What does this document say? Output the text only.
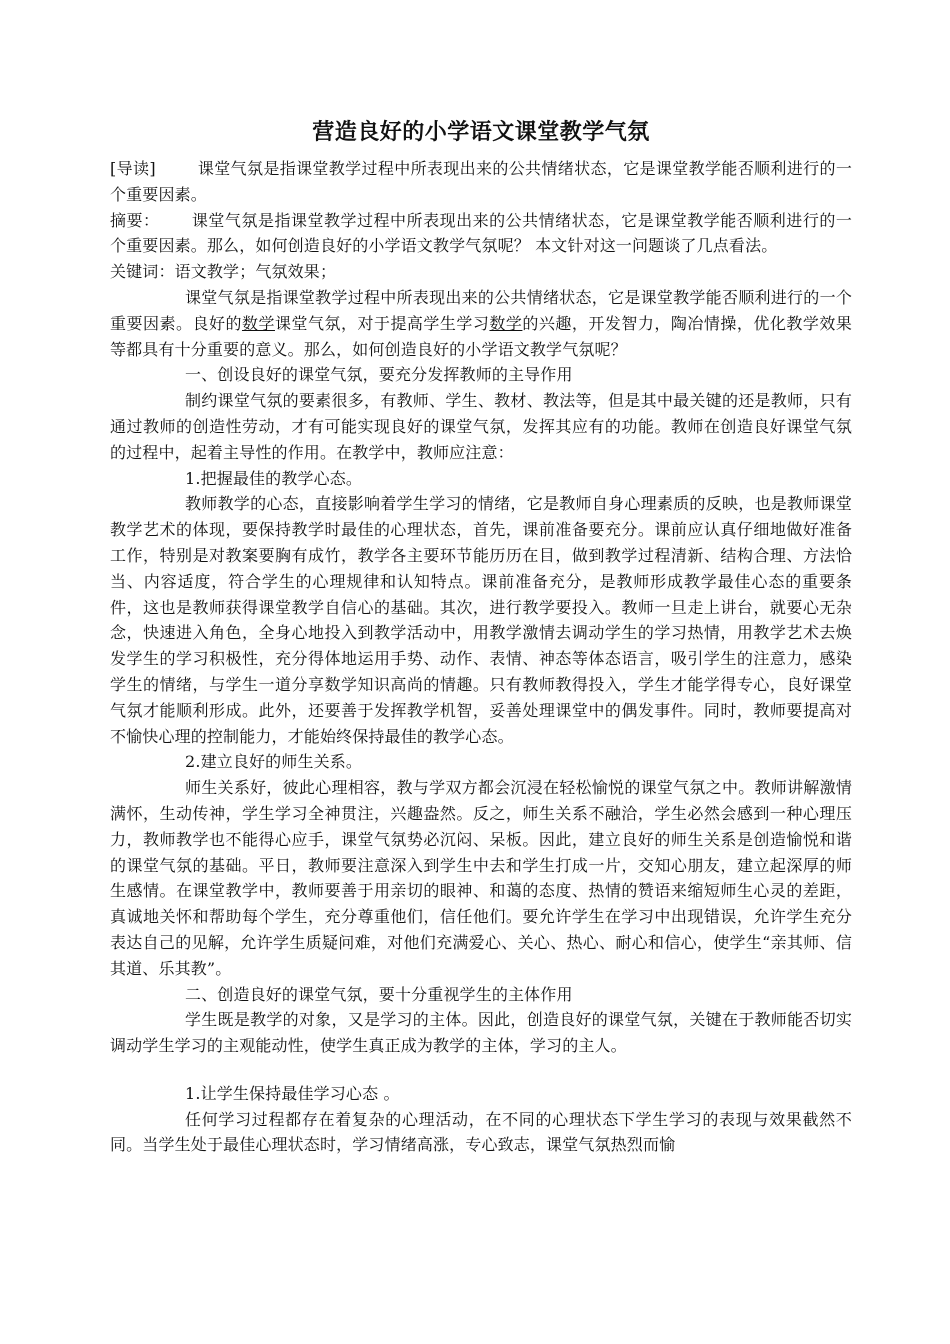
营造良好的小学语文课堂教学气氛

[导读]	课堂气氛是指课堂教学过程中所表现出来的公共情绪状态，它是课堂教学能否顺利进行的一个重要因素。

摘要： 课堂气氛是指课堂教学过程中所表现出来的公共情绪状态，它是课堂教学能否顺利进行的一个重要因素。那么，如何创造良好的小学语文教学气氛呢？ 本文针对这一问题谈了几点看法。

关键词：语文教学；气氛效果；

课堂气氛是指课堂教学过程中所表现出来的公共情绪状态，它是课堂教学能否顺利进行的一个重要因素。良好的数学课堂气氛，对于提高学生学习数学的兴趣，开发智力，陶冶情操，优化教学效果等都具有十分重要的意义。那么，如何创造良好的小学语文教学气氛呢？

一、创设良好的课堂气氛，要充分发挥教师的主导作用

制约课堂气氛的要素很多，有教师、学生、教材、教法等，但是其中最关键的还是教师，只有通过教师的创造性劳动，才有可能实现良好的课堂气氛，发挥其应有的功能。教师在创造良好课堂气氛的过程中，起着主导性的作用。在教学中，教师应注意：

1.把握最佳的教学心态。

教师教学的心态，直接影响着学生学习的情绪，它是教师自身心理素质的反映，也是教师课堂教学艺术的体现，要保持教学时最佳的心理状态，首先，课前准备要充分。课前应认真仔细地做好准备工作，特别是对教案要胸有成竹，教学各主要环节能历历在目，做到教学过程清新、结构合理、方法恰当、内容适度，符合学生的心理规律和认知特点。课前准备充分，是教师形成教学最佳心态的重要条件，这也是教师获得课堂教学自信心的基础。其次，进行教学要投入。教师一旦走上讲台，就要心无杂念，快速进入角色，全身心地投入到教学活动中，用教学激情去调动学生的学习热情，用教学艺术去焕发学生的学习积极性，充分得体地运用手势、动作、表情、神态等体态语言，吸引学生的注意力，感染学生的情绪，与学生一道分享数学知识高尚的情趣。只有教师教得投入，学生才能学得专心，良好课堂气氛才能顺利形成。此外，还要善于发挥教学机智，妥善处理课堂中的偶发事件。同时，教师要提高对不愉快心理的控制能力，才能始终保持最佳的教学心态。

2.建立良好的师生关系。

师生关系好，彼此心理相容，教与学双方都会沉浸在轻松愉悦的课堂气氛之中。教师讲解激情满怀，生动传神，学生学习全神贯注，兴趣盎然。反之，师生关系不融洽，学生必然会感到一种心理压力，教师教学也不能得心应手，课堂气氛势必沉闷、呆板。因此，建立良好的师生关系是创造愉悦和谐的课堂气氛的基础。平日，教师要注意深入到学生中去和学生打成一片，交知心朋友，建立起深厚的师生感情。在课堂教学中，教师要善于用亲切的眼神、和蔼的态度、热情的赞语来缩短师生心灵的差距，真诚地关怀和帮助每个学生，充分尊重他们，信任他们。要允许学生在学习中出现错误，允许学生充分表达自己的见解，允许学生质疑问难，对他们充满爱心、关心、热心、耐心和信心，使学生“亲其师、信其道、乐其教”。

二、创造良好的课堂气氛，要十分重视学生的主体作用

学生既是教学的对象，又是学习的主体。因此，创造良好的课堂气氛，关键在于教师能否切实调动学生学习的主观能动性，使学生真正成为教学的主体，学习的主人。

1.让学生保持最佳学习心态 。

任何学习过程都存在着复杂的心理活动，在不同的心理状态下学生学习的表现与效果截然不同。当学生处于最佳心理状态时，学习情绪高涨，专心致志，课堂气氛热烈而愉
